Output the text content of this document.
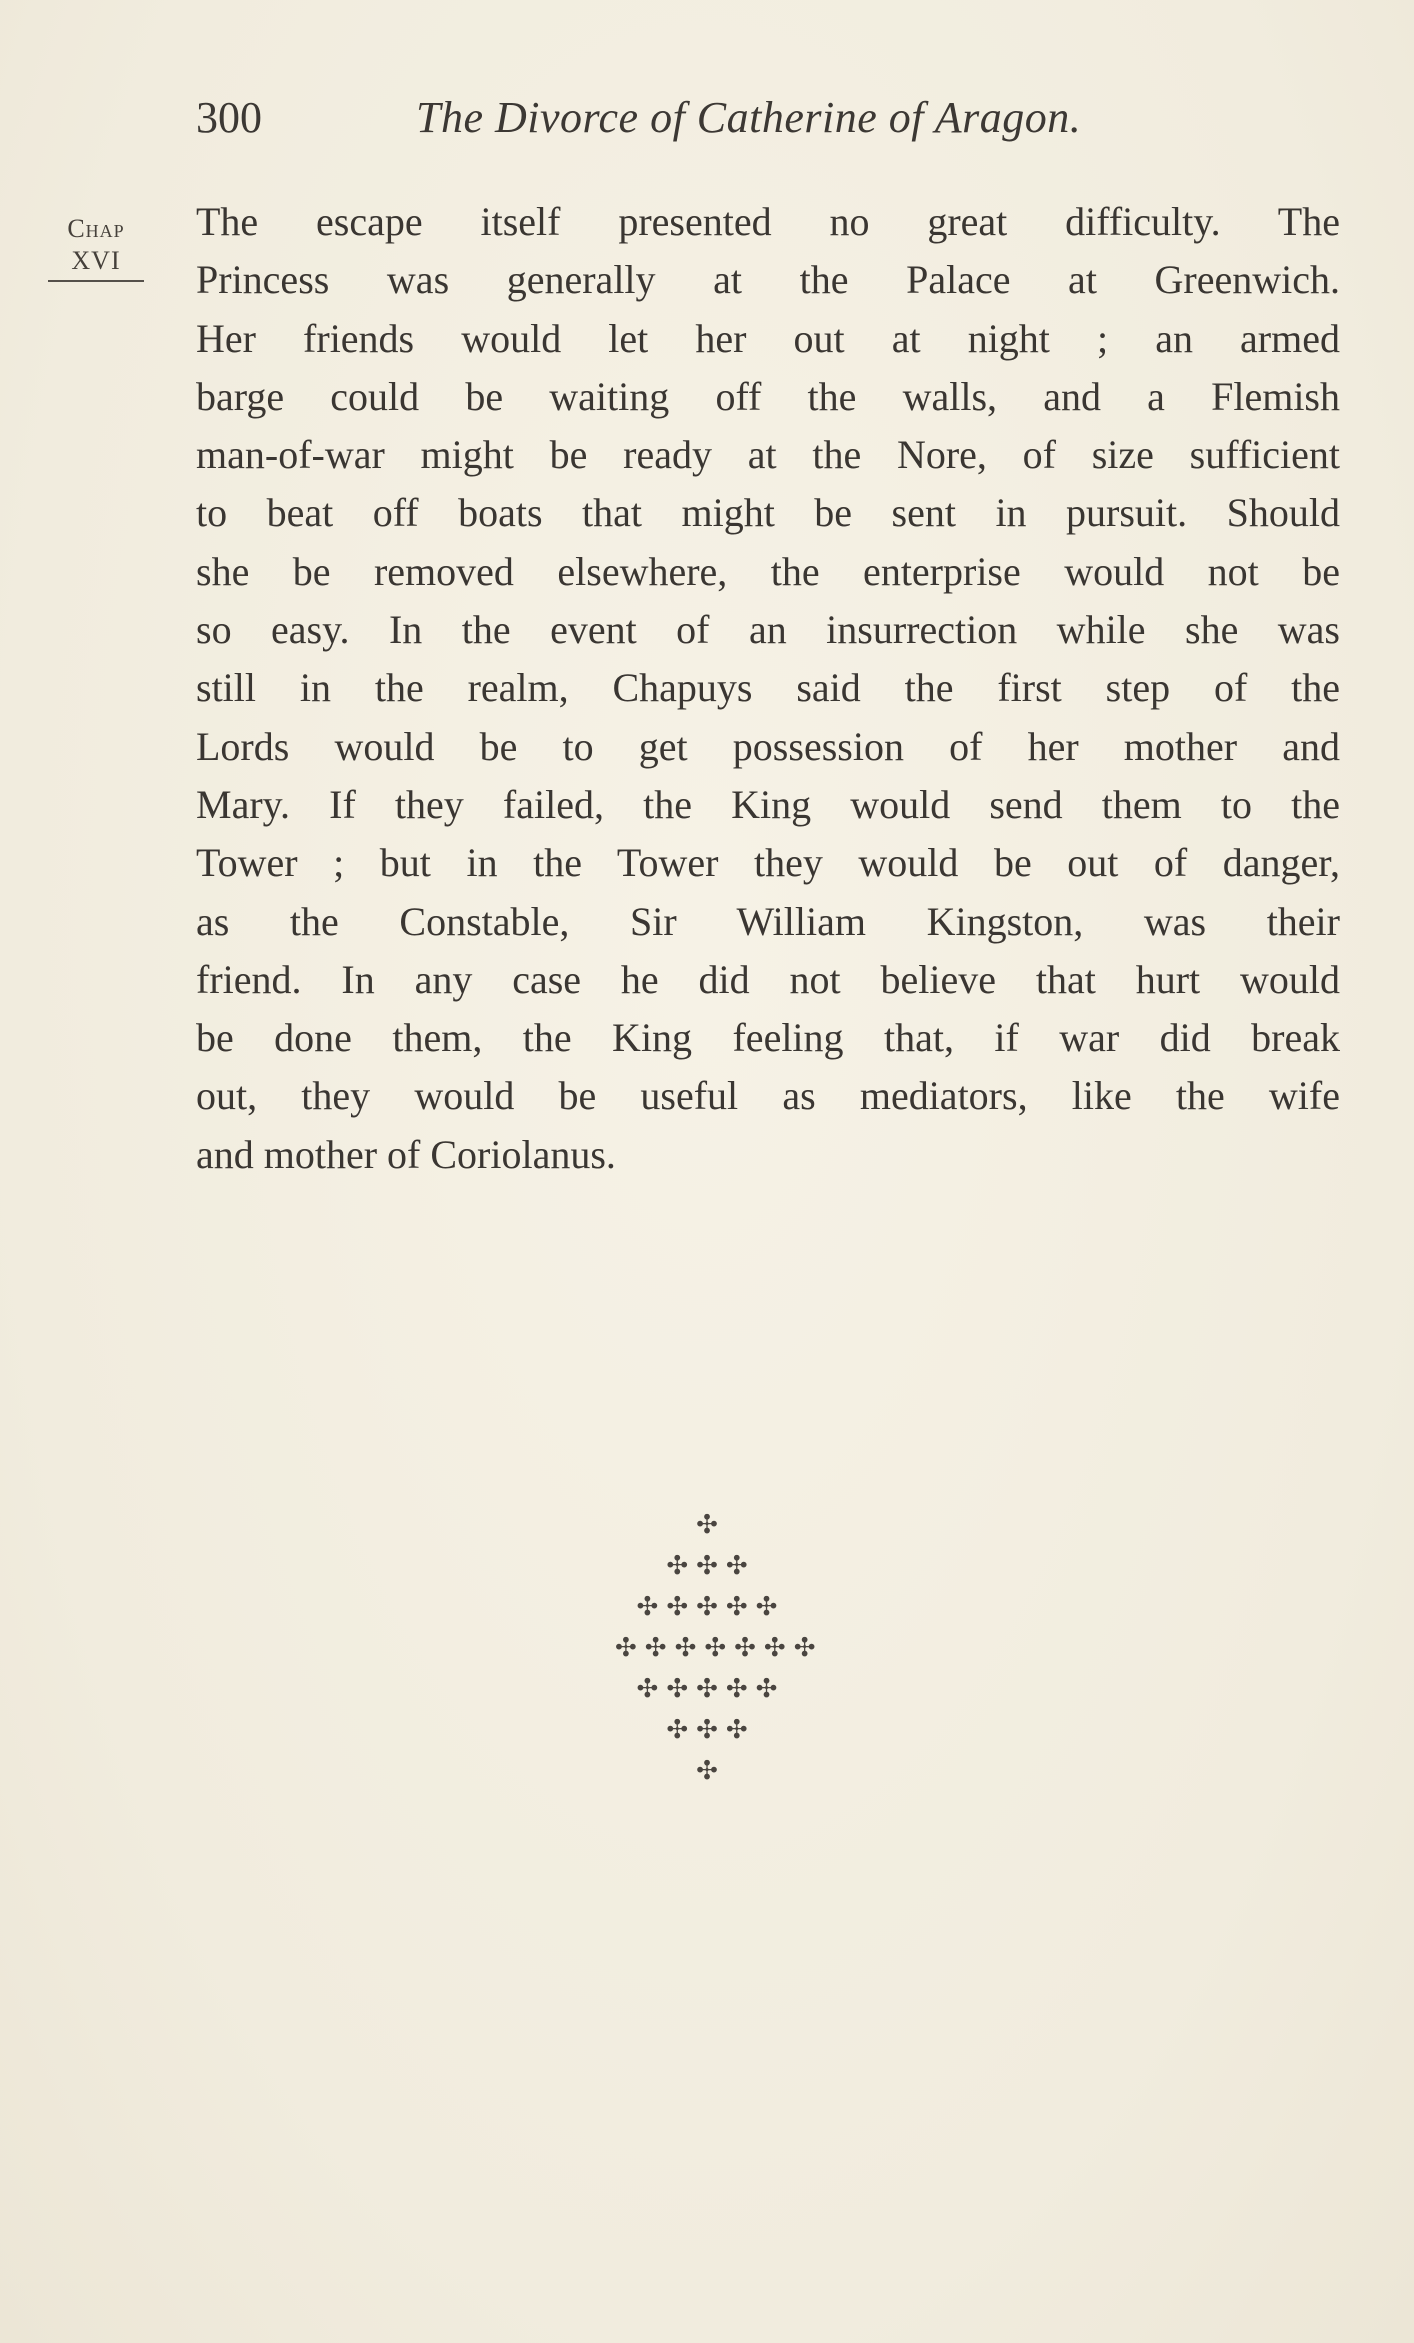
300	The Divorce of Catherine of Aragon.
Chap
XVI
The escape itself presented no great difficulty. The
Princess was generally at the Palace at Greenwich.
Her friends would let her out at night ; an armed
barge could be waiting off the walls, and a Flemish
man-of-war might be ready at the Nore, of size sufficient
to beat off boats that might be sent in pursuit. Should
she be removed elsewhere, the enterprise would not be
so easy. In the event of an insurrection while she was
still in the realm, Chapuys said the first step of the
Lords would be to get possession of her mother and
Mary. If they failed, the King would send them to the
Tower ; but in the Tower they would be out of danger,
as the Constable, Sir William Kingston, was their
friend. In any case he did not believe that hurt would
be done them, the King feeling that, if war did break
out, they would be useful as mediators, like the wife
and mother of Coriolanus.
✣
✣✣✣
✣✣✣✣✣
✣✣✣✣✣✣✣
✣✣✣✣✣
✣✣✣
✣
